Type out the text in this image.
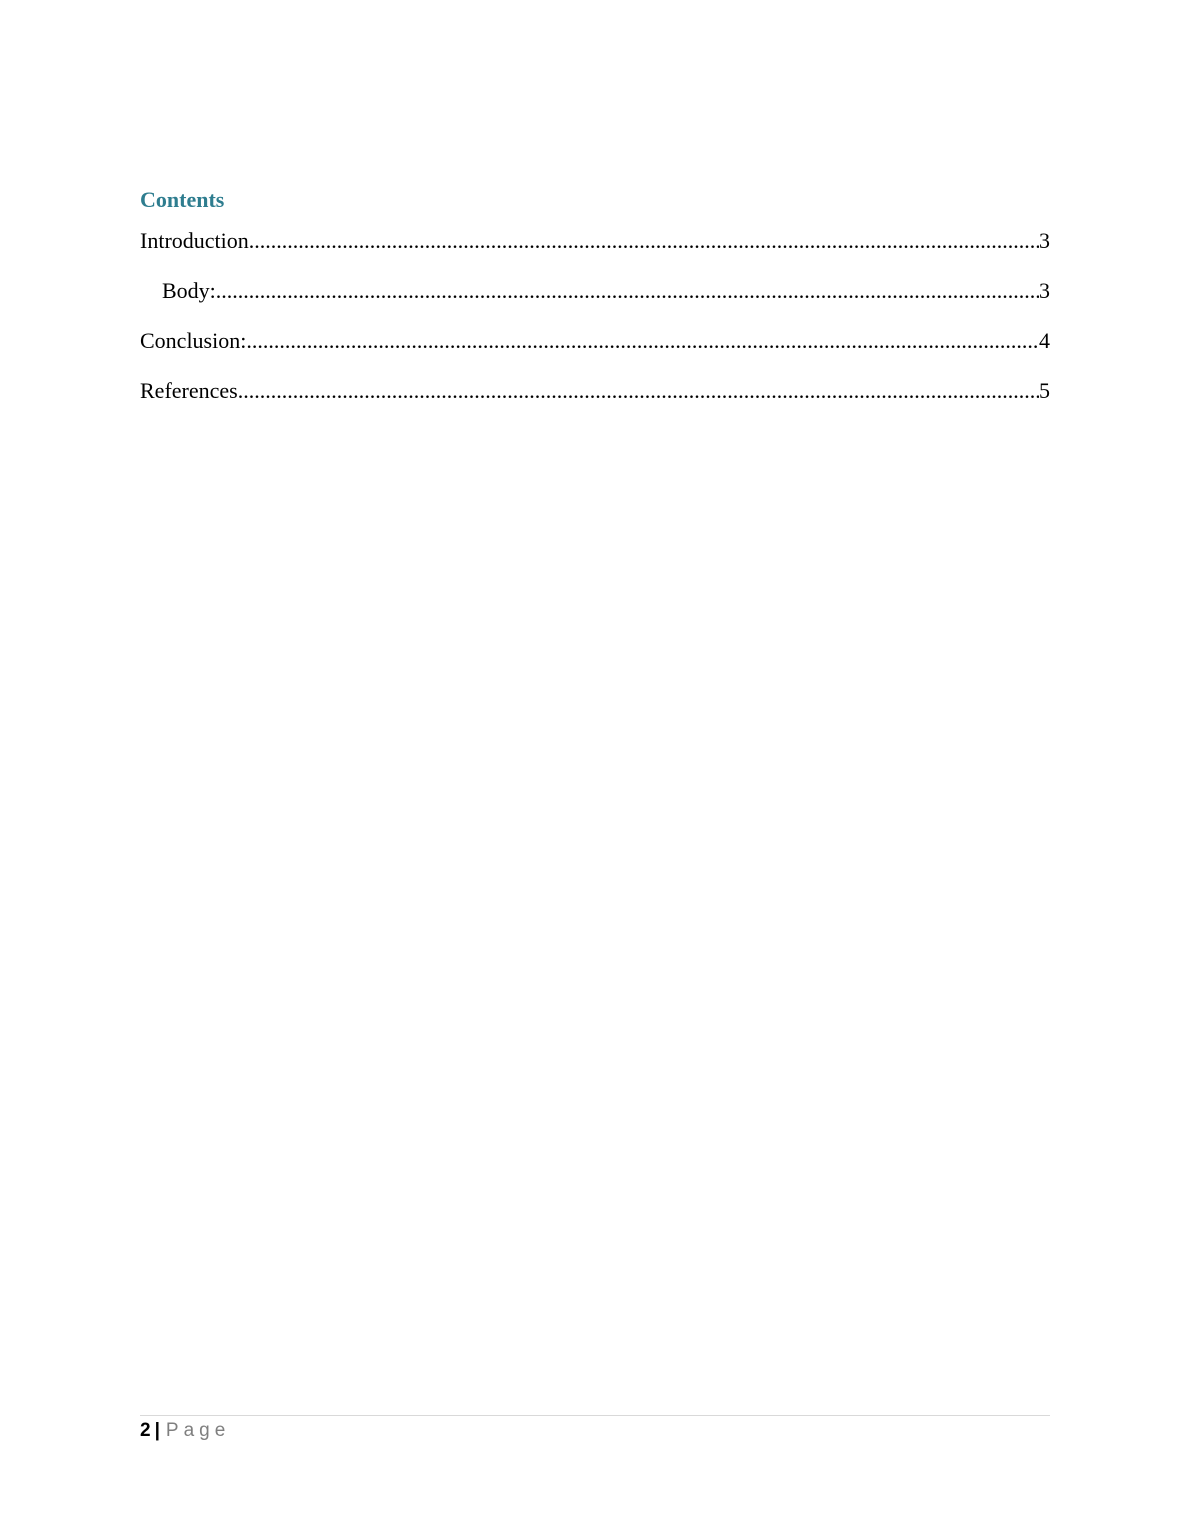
Contents
Introduction .....	3
Body: .....	3
Conclusion: .....	4
References .....	5
2 | Page
